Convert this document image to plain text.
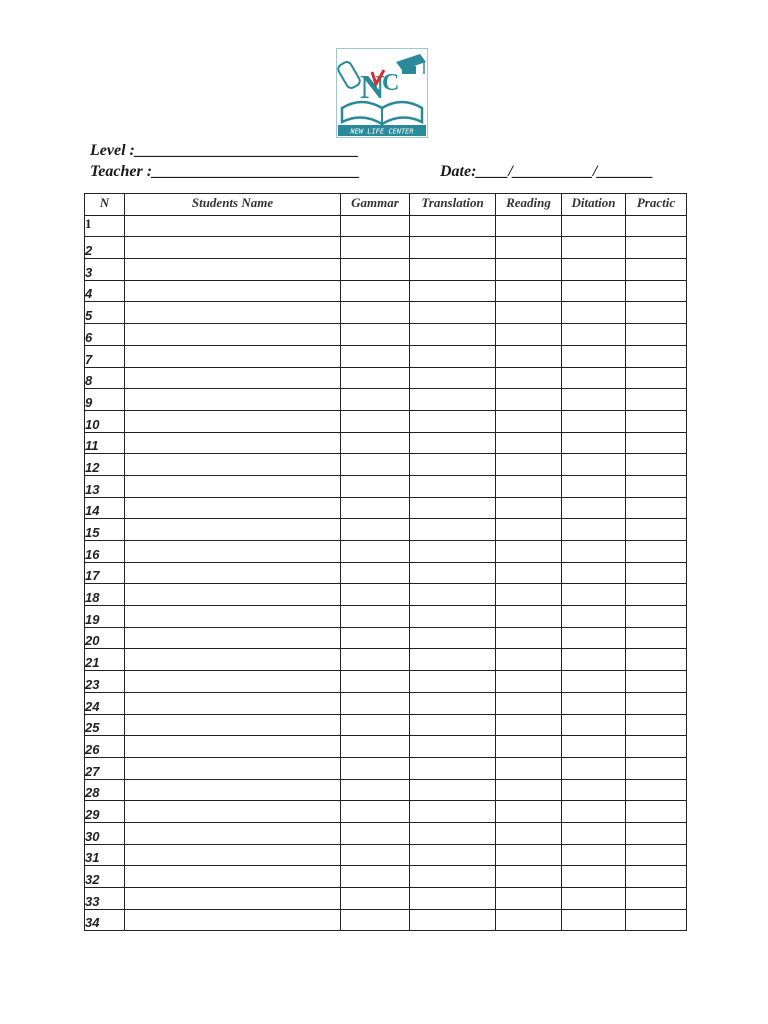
N
C
NEW LIFE CENTER
Level :____________________________
Teacher :__________________________	Date:____/__________/_______
N	Students Name	Gammar	Translation	Reading	Ditation	Practic
1						
2						
3						
4						
5						
6						
7						
8						
9						
10						
11						
12						
13						
14						
15						
16						
17						
18						
19						
20						
21						
23						
24						
25						
26						
27						
28						
29						
30						
31						
32						
33						
34						
